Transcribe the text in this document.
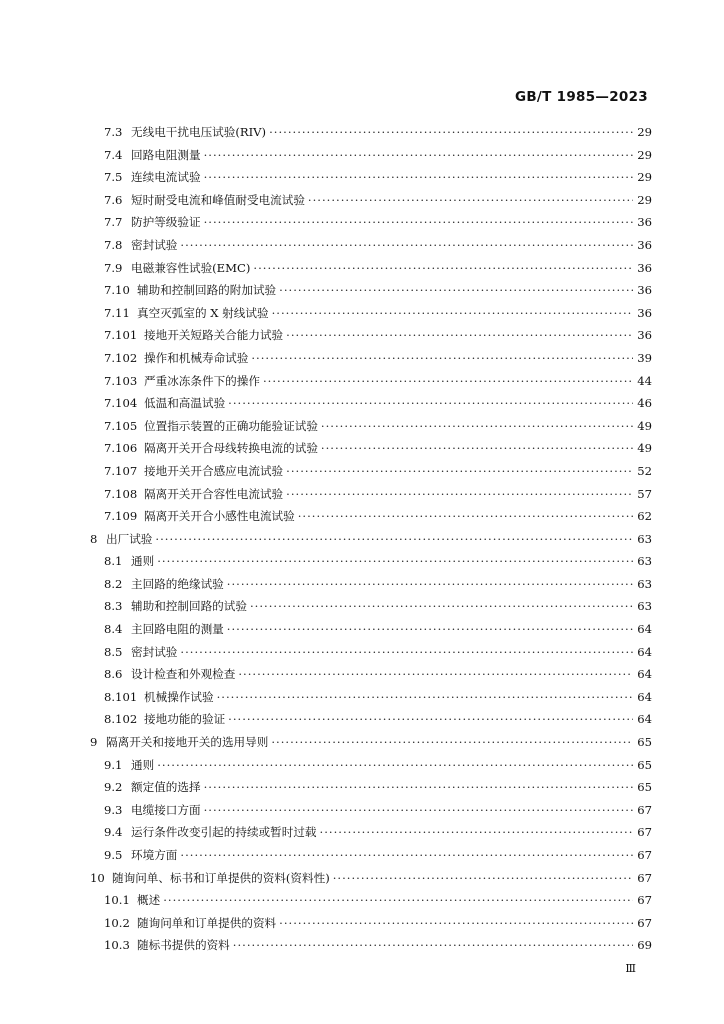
GB/T 1985—2023
7.3 无线电干扰电压试验(RIV) ·····	29
7.4 回路电阻测量 ·····	29
7.5 连续电流试验 ·····	29
7.6 短时耐受电流和峰值耐受电流试验 ·····	29
7.7 防护等级验证 ·····	36
7.8 密封试验 ·····	36
7.9 电磁兼容性试验(EMC) ·····	36
7.10 辅助和控制回路的附加试验 ·····	36
7.11 真空灭弧室的 X 射线试验 ·····	36
7.101 接地开关短路关合能力试验 ·····	36
7.102 操作和机械寿命试验 ·····	39
7.103 严重冰冻条件下的操作 ·····	44
7.104 低温和高温试验 ·····	46
7.105 位置指示装置的正确功能验证试验 ·····	49
7.106 隔离开关开合母线转换电流的试验 ·····	49
7.107 接地开关开合感应电流试验 ·····	52
7.108 隔离开关开合容性电流试验 ·····	57
7.109 隔离开关开合小感性电流试验 ·····	62
8 出厂试验 ·····	63
8.1 通则 ·····	63
8.2 主回路的绝缘试验 ·····	63
8.3 辅助和控制回路的试验 ·····	63
8.4 主回路电阻的测量 ·····	64
8.5 密封试验 ·····	64
8.6 设计检查和外观检查 ·····	64
8.101 机械操作试验 ·····	64
8.102 接地功能的验证 ·····	64
9 隔离开关和接地开关的选用导则 ·····	65
9.1 通则 ·····	65
9.2 额定值的选择 ·····	65
9.3 电缆接口方面 ·····	67
9.4 运行条件改变引起的持续或暂时过载 ·····	67
9.5 环境方面 ·····	67
10 随询问单、标书和订单提供的资料(资料性) ·····	67
10.1 概述 ·····	67
10.2 随询问单和订单提供的资料 ·····	67
10.3 随标书提供的资料 ·····	69
Ⅲ
